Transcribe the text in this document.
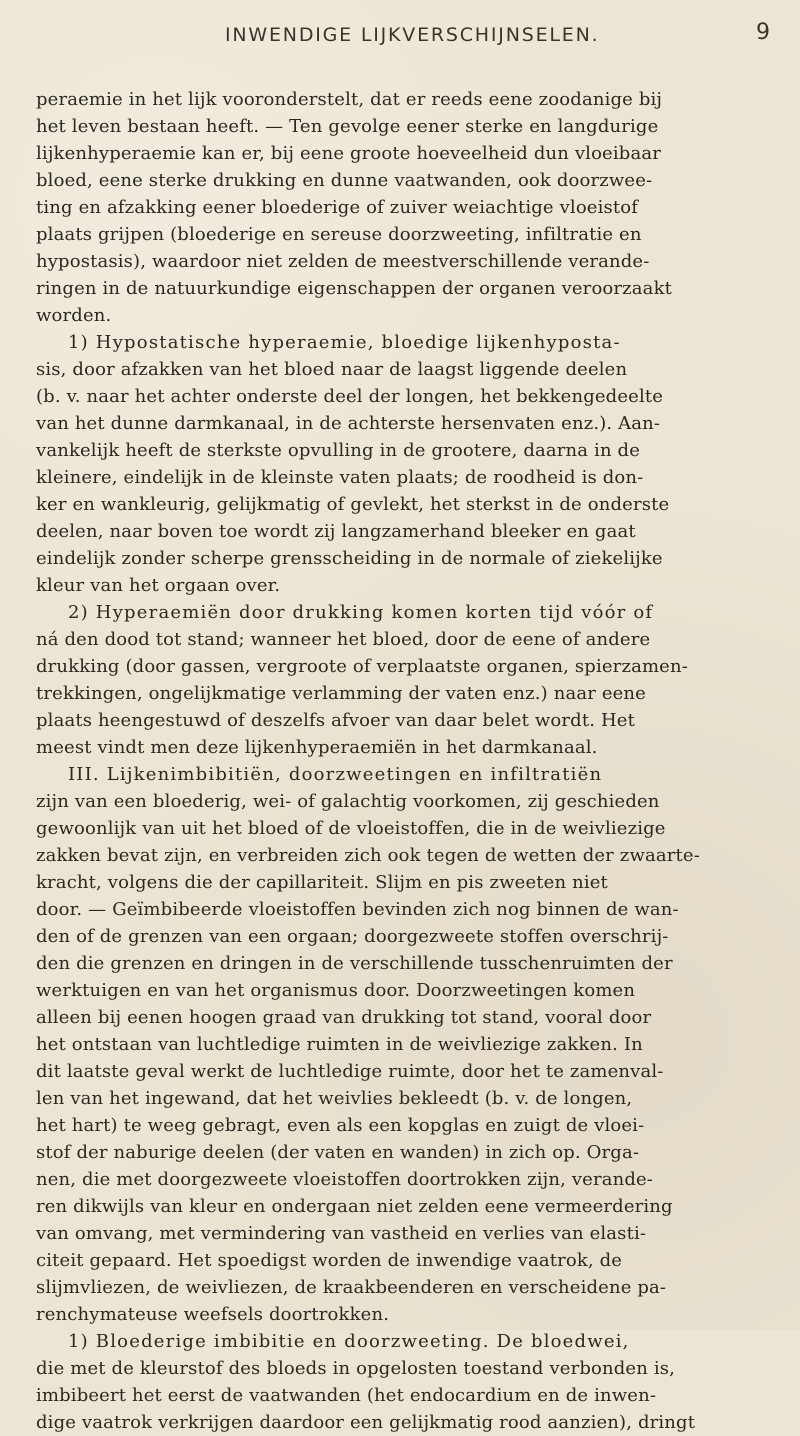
INWENDIGE LIJKVERSCHIJNSELEN.	9
peraemie in het lijk vooronderstelt, dat er reeds eene zoodanige bij
het leven bestaan heeft. — Ten gevolge eener sterke en langdurige
lijkenhyperaemie kan er, bij eene groote hoeveelheid dun vloeibaar
bloed, eene sterke drukking en dunne vaatwanden, ook doorzwee-
ting en afzakking eener bloederige of zuiver weiachtige vloeistof
plaats grijpen (bloederige en sereuse doorzweeting, infiltratie en
hypostasis), waardoor niet zelden de meestverschillende verande-
ringen in de natuurkundige eigenschappen der organen veroorzaakt
worden.
1) Hypostatische hyperaemie, bloedige lijkenhyposta-
sis, door afzakken van het bloed naar de laagst liggende deelen
(b. v. naar het achter onderste deel der longen, het bekkengedeelte
van het dunne darmkanaal, in de achterste hersenvaten enz.). Aan-
vankelijk heeft de sterkste opvulling in de grootere, daarna in de
kleinere, eindelijk in de kleinste vaten plaats; de roodheid is don-
ker en wankleurig, gelijkmatig of gevlekt, het sterkst in de onderste
deelen, naar boven toe wordt zij langzamerhand bleeker en gaat
eindelijk zonder scherpe grensscheiding in de normale of ziekelijke
kleur van het orgaan over.
2) Hyperaemiën door drukking komen korten tijd vóór of
ná den dood tot stand; wanneer het bloed, door de eene of andere
drukking (door gassen, vergroote of verplaatste organen, spierzamen-
trekkingen, ongelijkmatige verlamming der vaten enz.) naar eene
plaats heengestuwd of deszelfs afvoer van daar belet wordt. Het
meest vindt men deze lijkenhyperaemiën in het darmkanaal.
III. Lijkenimbibitiën, doorzweetingen en infiltratiën
zijn van een bloederig, wei- of galachtig voorkomen, zij geschieden
gewoonlijk van uit het bloed of de vloeistoffen, die in de weivliezige
zakken bevat zijn, en verbreiden zich ook tegen de wetten der zwaarte-
kracht, volgens die der capillariteit. Slijm en pis zweeten niet
door. — Geïmbibeerde vloeistoffen bevinden zich nog binnen de wan-
den of de grenzen van een orgaan; doorgezweete stoffen overschrij-
den die grenzen en dringen in de verschillende tusschenruimten der
werktuigen en van het organismus door. Doorzweetingen komen
alleen bij eenen hoogen graad van drukking tot stand, vooral door
het ontstaan van luchtledige ruimten in de weivliezige zakken. In
dit laatste geval werkt de luchtledige ruimte, door het te zamenval-
len van het ingewand, dat het weivlies bekleedt (b. v. de longen,
het hart) te weeg gebragt, even als een kopglas en zuigt de vloei-
stof der naburige deelen (der vaten en wanden) in zich op. Orga-
nen, die met doorgezweete vloeistoffen doortrokken zijn, verande-
ren dikwijls van kleur en ondergaan niet zelden eene vermeerdering
van omvang, met vermindering van vastheid en verlies van elasti-
citeit gepaard. Het spoedigst worden de inwendige vaatrok, de
slijmvliezen, de weivliezen, de kraakbeenderen en verscheidene pa-
renchymateuse weefsels doortrokken.
1) Bloederige imbibitie en doorzweeting. De bloedwei,
die met de kleurstof des bloeds in opgelosten toestand verbonden is,
imbibeert het eerst de vaatwanden (het endocardium en de inwen-
dige vaatrok verkrijgen daardoor een gelijkmatig rood aanzien), dringt
